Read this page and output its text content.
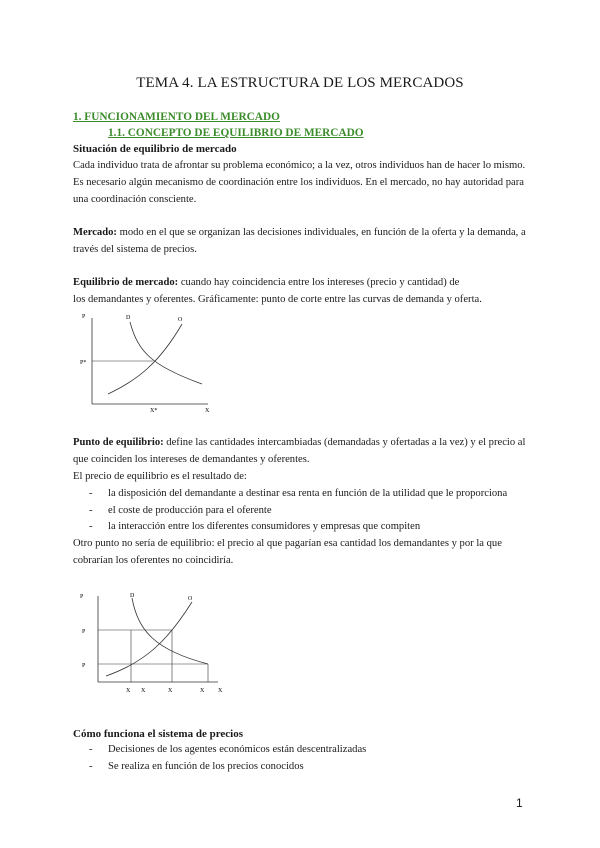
TEMA 4. LA ESTRUCTURA DE LOS MERCADOS
1. FUNCIONAMIENTO DEL MERCADO
1.1. CONCEPTO DE EQUILIBRIO DE MERCADO
Situación de equilibrio de mercado
Cada individuo trata de afrontar su problema económico; a la vez, otros individuos han de hacer lo mismo.
Es necesario algún mecanismo de coordinación entre los individuos. En el mercado, no hay autoridad para
una coordinación consciente.
Mercado: modo en el que se organizan las decisiones individuales, en función de la oferta y la demanda, a
través del sistema de precios.
Equilibrio de mercado: cuando hay coincidencia entre los intereses (precio y cantidad) de
los demandantes y oferentes. Gráficamente: punto de corte entre las curvas de demanda y oferta.
P
X
D	O
P*
X*
Punto de equilibrio: define las cantidades intercambiadas (demandadas y ofertadas a la vez) y el precio al
que coinciden los intereses de demandantes y oferentes.
El precio de equilibrio es el resultado de:
- la disposición del demandante a destinar esa renta en función de la utilidad que le proporciona
- el coste de producción para el oferente
- la interacción entre los diferentes consumidores y empresas que compiten
Otro punto no sería de equilibrio: el precio al que pagarían esa cantidad los demandantes y por la que
cobrarían los oferentes no coincidiría.
P
X
D	O
P
P
X X	X	X
Cómo funciona el sistema de precios
- Decisiones de los agentes económicos están descentralizadas
- Se realiza en función de los precios conocidos
1
